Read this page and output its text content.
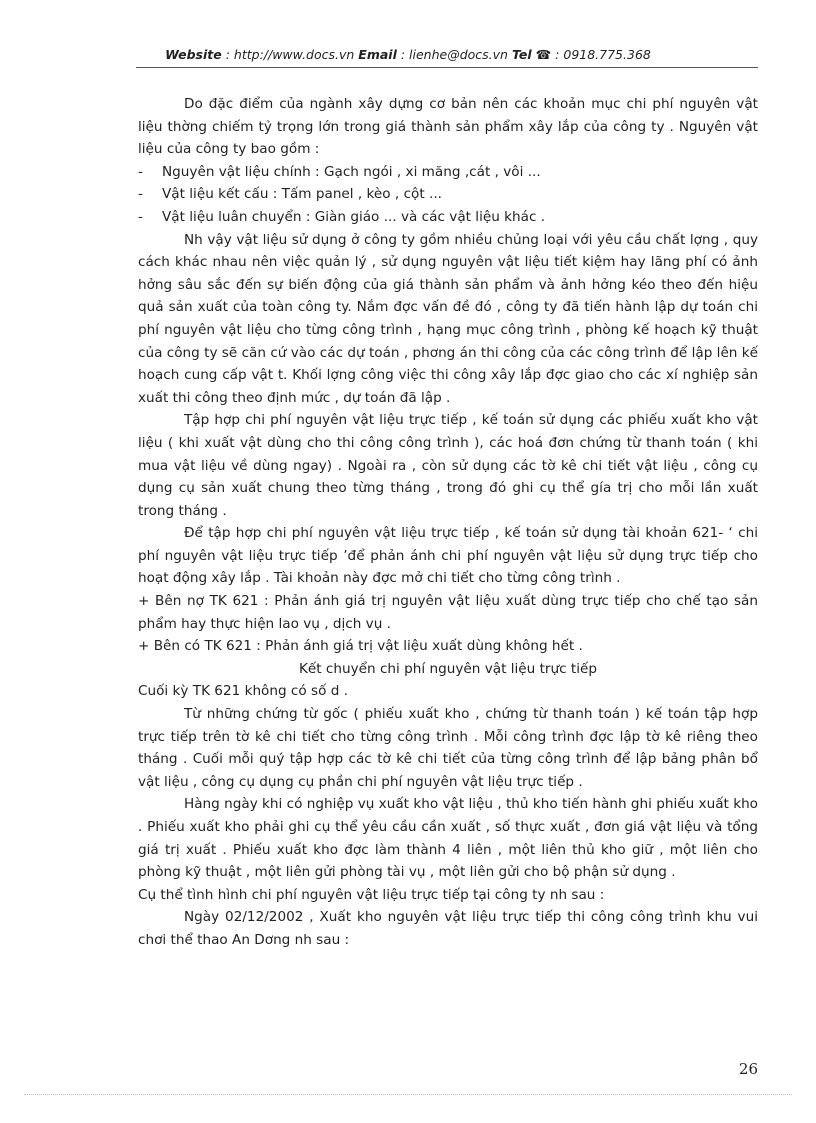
Website : http://www.docs.vn Email : lienhe@docs.vn Tel ☎ : 0918.775.368

Do đặc điểm của ngành xây dựng cơ bản nên các khoản mục chi phí nguyên vật liệu thờng chiếm tỷ trọng lớn trong giá thành sản phẩm xây lắp của công ty . Nguyên vật liệu của công ty bao gồm :

-	Nguyên vật liệu chính : Gạch ngói , xi măng ,cát , vôi ...
-	Vật liệu kết cấu : Tấm panel , kèo , cột ...
-	Vật liệu luân chuyển : Giàn giáo ... và các vật liệu khác .

Nh vậy vật liệu sử dụng ở công ty gồm nhiều chủng loại với yêu cầu chất lợng , quy cách khác nhau nên việc quản lý , sử dụng nguyên vật liệu tiết kiệm hay lãng phí có ảnh hởng sâu sắc đến sự biến động của giá thành sản phẩm và ảnh hởng kéo theo đến hiệu quả sản xuất của toàn công ty. Nắm đợc vấn đề đó , công ty đã tiến hành lập dự toán chi phí nguyên vật liệu cho từng công trình , hạng mục công trình , phòng kế hoạch kỹ thuật của công ty sẽ căn cứ vào các dự toán , phơng án thi công của các công trình để lập lên kế hoạch cung cấp vật t. Khối lợng công việc thi công xây lắp đợc giao cho các xí nghiệp sản xuất thi công theo định mức , dự toán đã lập .

Tập hợp chi phí nguyên vật liệu trực tiếp , kế toán sử dụng các phiếu xuất kho vật liệu ( khi xuất vật dùng cho thi công công trình ), các hoá đơn chứng từ thanh toán ( khi mua vật liệu về dùng ngay) . Ngoài ra , còn sử dụng các tờ kê chi tiết vật liệu , công cụ dụng cụ sản xuất chung theo từng tháng , trong đó ghi cụ thể gía trị cho mỗi lần xuất trong tháng .

Để tập hợp chi phí nguyên vật liệu trực tiếp , kế toán sử dụng tài khoản 621- ‘ chi phí nguyên vật liệu trực tiếp ’để phản ánh chi phí nguyên vật liệu sử dụng trực tiếp cho hoạt động xây lắp . Tài khoản này đợc mở chi tiết cho từng công trình .

+ Bên nợ TK 621 : Phản ánh giá trị nguyên vật liệu xuất dùng trực tiếp cho chế tạo sản phẩm hay thực hiện lao vụ , dịch vụ .

+ Bên có TK 621 : Phản ánh giá trị vật liệu xuất dùng không hết .

Kết chuyển chi phí nguyên vật liệu trực tiếp

Cuối kỳ TK 621 không có số d .

Từ những chứng từ gốc ( phiếu xuất kho , chứng từ thanh toán ) kế toán tập hợp trực tiếp trên tờ kê chi tiết cho từng công trình . Mỗi công trình đợc lập tờ kê riêng theo tháng . Cuối mỗi quý tập hợp các tờ kê chi tiết của từng công trình để lập bảng phân bổ vật liệu , công cụ dụng cụ phần chi phí nguyên vật liệu trực tiếp .

Hàng ngày khi có nghiệp vụ xuất kho vật liệu , thủ kho tiến hành ghi phiếu xuất kho . Phiếu xuất kho phải ghi cụ thể yêu cầu cần xuất , số thực xuất , đơn giá vật liệu và tổng giá trị xuất . Phiếu xuất kho đợc làm thành 4 liên , một liên thủ kho giữ , một liên cho phòng kỹ thuật , một liên gửi phòng tài vụ , một liên gửi cho bộ phận sử dụng .

Cụ thể tình hình chi phí nguyên vật liệu trực tiếp tại công ty nh sau :

Ngày 02/12/2002 , Xuất kho nguyên vật liệu trực tiếp thi công công trình khu vui chơi thể thao An Dơng nh sau :

26
